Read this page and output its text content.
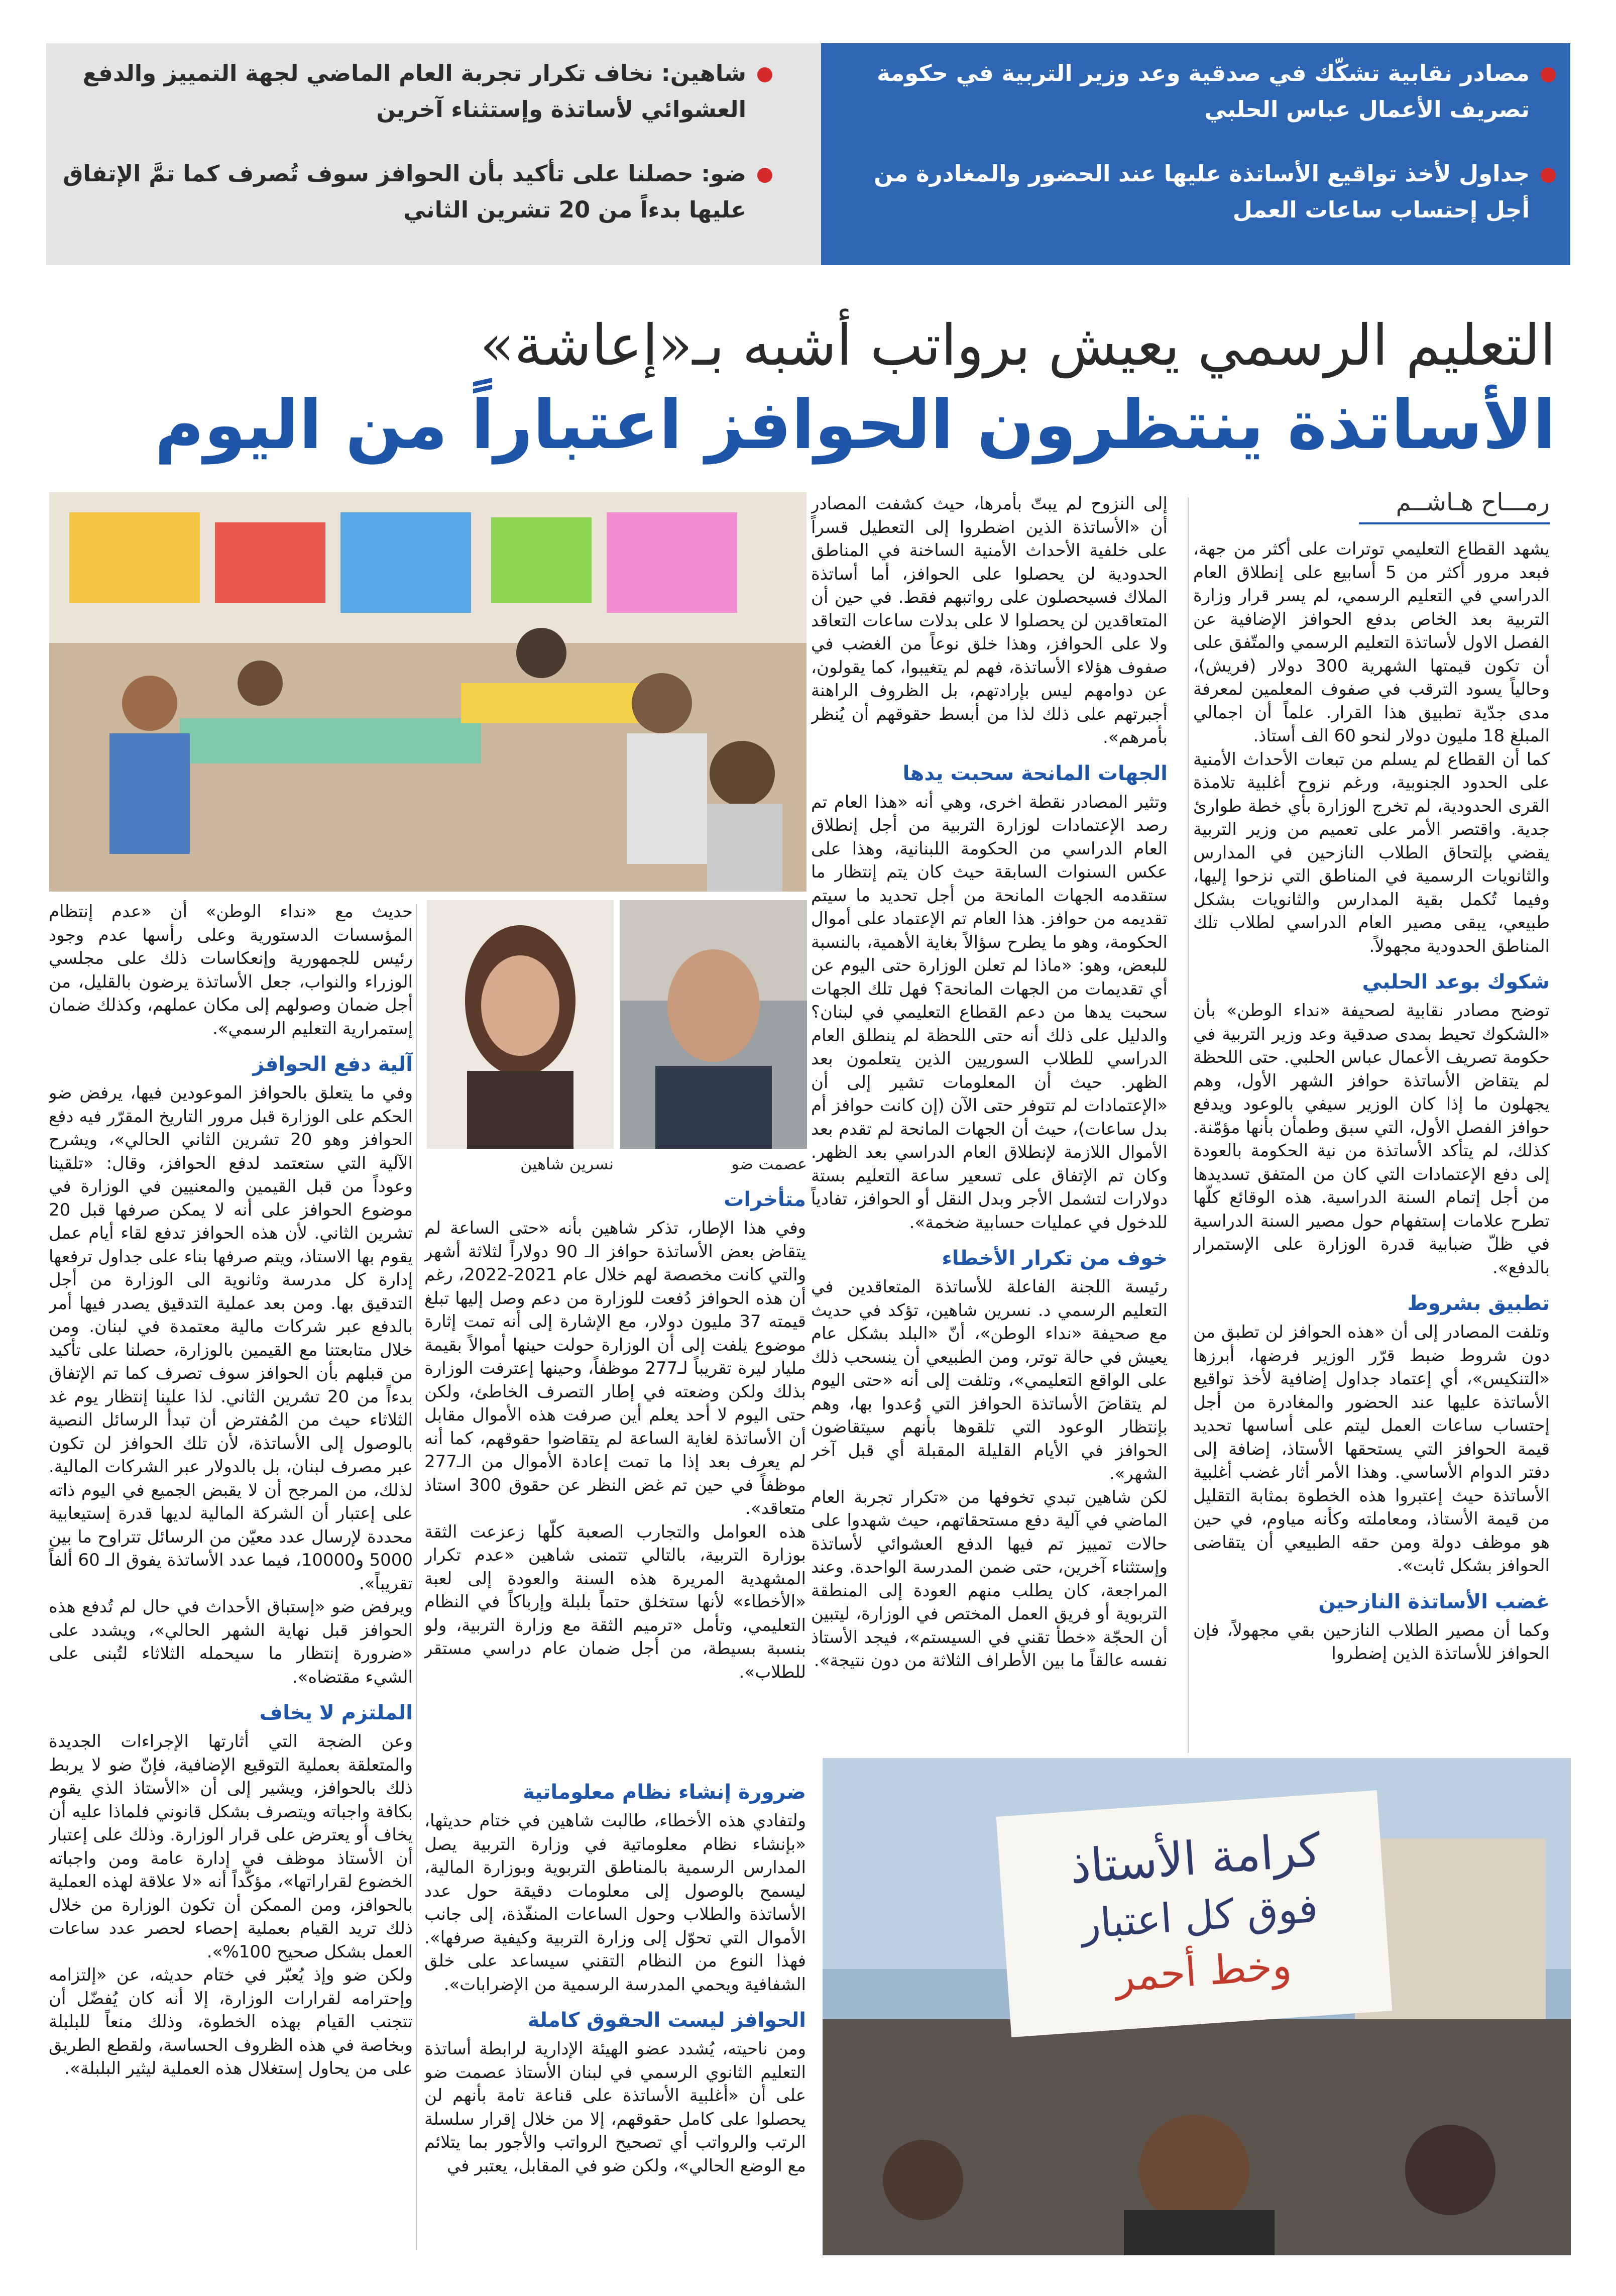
مصادر نقابية تشكّك في صدقية وعد وزير التربية في حكومة تصريف الأعمال عباس الحلبي
جداول لأخذ تواقيع الأساتذة عليها عند الحضور والمغادرة من أجل إحتساب ساعات العمل
شاهين: نخاف تكرار تجربة العام الماضي لجهة التمييز والدفع العشوائي لأساتذة وإستثناء آخرين
ضو: حصلنا على تأكيد بأن الحوافز سوف تُصرف كما تمَّ الإتفاق عليها بدءاً من 20 تشرين الثاني
التعليم الرسمي يعيش برواتب أشبه بـ«إعاشة»
الأساتذة ينتظرون الحوافز اعتباراً من اليوم
رمـــاح هـاشــم

يشهد القطاع التعليمي توترات على أكثر من جهة، فبعد مرور أكثر من 5 أسابيع على إنطلاق العام الدراسي في التعليم الرسمي، لم يسر قرار وزارة التربية بعد الخاص بدفع الحوافز الإضافية عن الفصل الاول لأساتذة التعليم الرسمي والمتّفق على أن تكون قيمتها الشهرية 300 دولار (فريش)، وحالياً يسود الترقب في صفوف المعلمين لمعرفة مدى جدّية تطبيق هذا القرار. علماً أن اجمالي المبلغ 18 مليون دولار لنحو 60 الف أستاذ.

كما أن القطاع لم يسلم من تبعات الأحداث الأمنية على الحدود الجنوبية، ورغم نزوح أغلبية تلامذة القرى الحدودية، لم تخرج الوزارة بأي خطة طوارئ جدية. واقتصر الأمر على تعميم من وزير التربية يقضي بإلتحاق الطلاب النازحين في المدارس والثانويات الرسمية في المناطق التي نزحوا إليها، وفيما تُكمل بقية المدارس والثانويات بشكل طبيعي، يبقى مصير العام الدراسي لطلاب تلك المناطق الحدودية مجهولاً.

شكوك بوعد الحلبي

توضح مصادر نقابية لصحيفة «نداء الوطن» بأن «الشكوك تحيط بمدى صدقية وعد وزير التربية في حكومة تصريف الأعمال عباس الحلبي. حتى اللحظة لم يتقاض الأساتذة حوافز الشهر الأول، وهم يجهلون ما إذا كان الوزير سيفي بالوعود ويدفع حوافز الفصل الأول، التي سبق وطمأن بأنها مؤمّنة. كذلك، لم يتأكد الأساتذة من نية الحكومة بالعودة إلى دفع الإعتمادات التي كان من المتفق تسديدها من أجل إتمام السنة الدراسية. هذه الوقائع كلّها تطرح علامات إستفهام حول مصير السنة الدراسية في ظلّ ضبابية قدرة الوزارة على الإستمرار بالدفع».

تطبيق بشروط

وتلفت المصادر إلى أن «هذه الحوافز لن تطبق من دون شروط ضبط قرّر الوزير فرضها، أبرزها «التنكيس»، أي إعتماد جداول إضافية لأخذ تواقيع الأساتذة عليها عند الحضور والمغادرة من أجل إحتساب ساعات العمل ليتم على أساسها تحديد قيمة الحوافز التي يستحقها الأستاذ، إضافة إلى دفتر الدوام الأساسي. وهذا الأمر أثار غضب أغلبية الأساتذة حيث إعتبروا هذه الخطوة بمثابة التقليل من قيمة الأستاذ، ومعاملته وكأنه مياوم، في حين هو موظف دولة ومن حقه الطبيعي أن يتقاضى الحوافز بشكل ثابت».

غضب الأساتذة النازحين

وكما أن مصير الطلاب النازحين بقي مجهولاً، فإن الحوافز للأساتذة الذين إضطروا

إلى النزوح لم يبتّ بأمرها، حيث كشفت المصادر أن «الأساتذة الذين اضطروا إلى التعطيل قسراً على خلفية الأحداث الأمنية الساخنة في المناطق الحدودية لن يحصلوا على الحوافز، أما أساتذة الملاك فسيحصلون على رواتبهم فقط. في حين أن المتعاقدين لن يحصلوا لا على بدلات ساعات التعاقد ولا على الحوافز، وهذا خلق نوعاً من الغضب في صفوف هؤلاء الأساتذة، فهم لم يتغيبوا، كما يقولون، عن دوامهم ليس بإرادتهم، بل الظروف الراهنة أجبرتهم على ذلك لذا من أبسط حقوقهم أن يُنظر بأمرهم».

الجهات المانحة سحبت يدها

وتثير المصادر نقطة اخرى، وهي أنه «هذا العام تم رصد الإعتمادات لوزارة التربية من أجل إنطلاق العام الدراسي من الحكومة اللبنانية، وهذا على عكس السنوات السابقة حيث كان يتم إنتظار ما ستقدمه الجهات المانحة من أجل تحديد ما سيتم تقديمه من حوافز. هذا العام تم الإعتماد على أموال الحكومة، وهو ما يطرح سؤالاً بغاية الأهمية، بالنسبة للبعض، وهو: «ماذا لم تعلن الوزارة حتى اليوم عن أي تقديمات من الجهات المانحة؟ فهل تلك الجهات سحبت يدها من دعم القطاع التعليمي في لبنان؟ والدليل على ذلك أنه حتى اللحظة لم ينطلق العام الدراسي للطلاب السوريين الذين يتعلمون بعد الظهر. حيث أن المعلومات تشير إلى أن «الإعتمادات لم تتوفر حتى الآن (إن كانت حوافز أم بدل ساعات)، حيث أن الجهات المانحة لم تقدم بعد الأموال اللازمة لإنطلاق العام الدراسي بعد الظهر. وكان تم الإتفاق على تسعير ساعة التعليم بستة دولارات لتشمل الأجر وبدل النقل أو الحوافز، تفادياً للدخول في عمليات حسابية ضخمة».

خوف من تكرار الأخطاء

رئيسة اللجنة الفاعلة للأساتذة المتعاقدين في التعليم الرسمي د. نسرين شاهين، تؤكد في حديث مع صحيفة «نداء الوطن»، أنّ «البلد بشكل عام يعيش في حالة توتر، ومن الطبيعي أن ينسحب ذلك على الواقع التعليمي»، وتلفت إلى أنه «حتى اليوم لم يتقاضَ الأساتذة الحوافز التي وُعدوا بها، وهم بإنتظار الوعود التي تلقوها بأنهم سيتقاضون الحوافز في الأيام القليلة المقبلة أي قبل آخر الشهر».

لكن شاهين تبدي تخوفها من «تكرار تجربة العام الماضي في آلية دفع مستحقاتهم، حيث شهدوا على حالات تمييز تم فيها الدفع العشوائي لأساتذة وإستثناء آخرين، حتى ضمن المدرسة الواحدة. وعند المراجعة، كان يطلب منهم العودة إلى المنطقة التربوية أو فريق العمل المختص في الوزارة، ليتبين أن الحجّة «خطأ تقني في السيستم»، فيجد الأستاذ نفسه عالقاً ما بين الأطراف الثلاثة من دون نتيجة».

عصمت ضو
نسرين شاهين
متأخرات

وفي هذا الإطار، تذكر شاهين بأنه «حتى الساعة لم يتقاض بعض الأساتذة حوافز الـ 90 دولاراً لثلاثة أشهر والتي كانت مخصصة لهم خلال عام 2021-2022، رغم أن هذه الحوافز دُفعت للوزارة من دعم وصل إليها تبلغ قيمته 37 مليون دولار، مع الإشارة إلى أنه تمت إثارة موضوع يلفت إلى أن الوزارة حولت حينها أموالاً بقيمة مليار ليرة تقريباً لـ277 موظفاً، وحينها إعترفت الوزارة بذلك ولكن وضعته في إطار التصرف الخاطئ، ولكن حتى اليوم لا أحد يعلم أين صرفت هذه الأموال مقابل أن الأساتذة لغاية الساعة لم يتقاضوا حقوقهم، كما أنه لم يعرف بعد إذا ما تمت إعادة الأموال من الـ277 موظفاً في حين تم غض النظر عن حقوق 300 استاذ متعاقد».

هذه العوامل والتجارب الصعبة كلّها زعزعت الثقة بوزارة التربية، بالتالي تتمنى شاهين «عدم تكرار المشهدية المريرة هذه السنة والعودة إلى لعبة «الأخطاء» لأنها ستخلق حتماً بلبلة وإرباكاً في النظام التعليمي، وتأمل «ترميم الثقة مع وزارة التربية، ولو بنسبة بسيطة، من أجل ضمان عام دراسي مستقر للطلاب».

ضرورة إنشاء نظام معلوماتية

ولتفادي هذه الأخطاء، طالبت شاهين في ختام حديثها، «بإنشاء نظام معلوماتية في وزارة التربية يصل المدارس الرسمية بالمناطق التربوية وبوزارة المالية، ليسمح بالوصول إلى معلومات دقيقة حول عدد الأساتذة والطلاب وحول الساعات المنفّذة، إلى جانب الأموال التي تحوّل إلى وزارة التربية وكيفية صرفها». فهذا النوع من النظام التقني سيساعد على خلق الشفافية ويحمي المدرسة الرسمية من الإضرابات».

الحوافز ليست الحقوق كاملة

ومن ناحيته، يُشدد عضو الهيئة الإدارية لرابطة أساتذة التعليم الثانوي الرسمي في لبنان الأستاذ عصمت ضو على أن «أغلبية الأساتذة على قناعة تامة بأنهم لن يحصلوا على كامل حقوقهم، إلا من خلال إقرار سلسلة الرتب والرواتب أي تصحيح الرواتب والأجور بما يتلائم مع الوضع الحالي»، ولكن ضو في المقابل، يعتبر في

حديث مع «نداء الوطن» أن «عدم إنتظام المؤسسات الدستورية وعلى رأسها عدم وجود رئيس للجمهورية وإنعكاسات ذلك على مجلسي الوزراء والنواب، جعل الأساتذة يرضون بالقليل، من أجل ضمان وصولهم إلى مكان عملهم، وكذلك ضمان إستمرارية التعليم الرسمي».

آلية دفع الحوافز

وفي ما يتعلق بالحوافز الموعودين فيها، يرفض ضو الحكم على الوزارة قبل مرور التاريخ المقرّر فيه دفع الحوافز وهو 20 تشرين الثاني الحالي»، ويشرح الآلية التي ستعتمد لدفع الحوافز، وقال: «تلقينا وعوداً من قبل القيمين والمعنيين في الوزارة في موضوع الحوافز على أنه لا يمكن صرفها قبل 20 تشرين الثاني. لأن هذه الحوافز تدفع لقاء أيام عمل يقوم بها الاستاذ، ويتم صرفها بناء على جداول ترفعها إدارة كل مدرسة وثانوية الى الوزارة من أجل التدقيق بها. ومن بعد عملية التدقيق يصدر فيها أمر بالدفع عبر شركات مالية معتمدة في لبنان. ومن خلال متابعتنا مع القيمين بالوزارة، حصلنا على تأكيد من قبلهم بأن الحوافز سوف تصرف كما تم الإتفاق بدءاً من 20 تشرين الثاني. لذا علينا إنتظار يوم غد الثلاثاء حيث من المُفترض أن تبدأ الرسائل النصية بالوصول إلى الأساتذة، لأن تلك الحوافز لن تكون عبر مصرف لبنان، بل بالدولار عبر الشركات المالية. لذلك، من المرجح أن لا يقبض الجميع في اليوم ذاته على إعتبار أن الشركة المالية لديها قدرة إستيعابية محددة لإرسال عدد معيّن من الرسائل تتراوح ما بين 5000 و10000، فيما عدد الأساتذة يفوق الـ 60 ألفاً تقريباً».

ويرفض ضو «إستباق الأحداث في حال لم تُدفع هذه الحوافز قبل نهاية الشهر الحالي»، ويشدد على «ضرورة إنتظار ما سيحمله الثلاثاء لتُبنى على الشيء مقتضاه».

الملتزم لا يخاف

وعن الضجة التي أثارتها الإجراءات الجديدة والمتعلقة بعملية التوقيع الإضافية، فإنّ ضو لا يربط ذلك بالحوافز، ويشير إلى أن «الأستاذ الذي يقوم بكافة واجباته ويتصرف بشكل قانوني فلماذا عليه أن يخاف أو يعترض على قرار الوزارة. وذلك على إعتبار أن الأستاذ موظف في إدارة عامة ومن واجباته الخضوع لقراراتها»، مؤكّداً أنه «لا علاقة لهذه العملية بالحوافز، ومن الممكن أن تكون الوزارة من خلال ذلك تريد القيام بعملية إحصاء لحصر عدد ساعات العمل بشكل صحيح 100%».

ولكن ضو وإذ يُعبّر في ختام حديثه، عن «إلتزامه وإحترامه لقرارات الوزارة، إلا أنه كان يُفضّل أن تتجنب القيام بهذه الخطوة، وذلك منعاً للبلبلة وبخاصة في هذه الظروف الحساسة، ولقطع الطريق على من يحاول إستغلال هذه العملية ليثير البلبلة».

كرامة الأستاذ
فوق كل اعتبار
وخط أحمر
